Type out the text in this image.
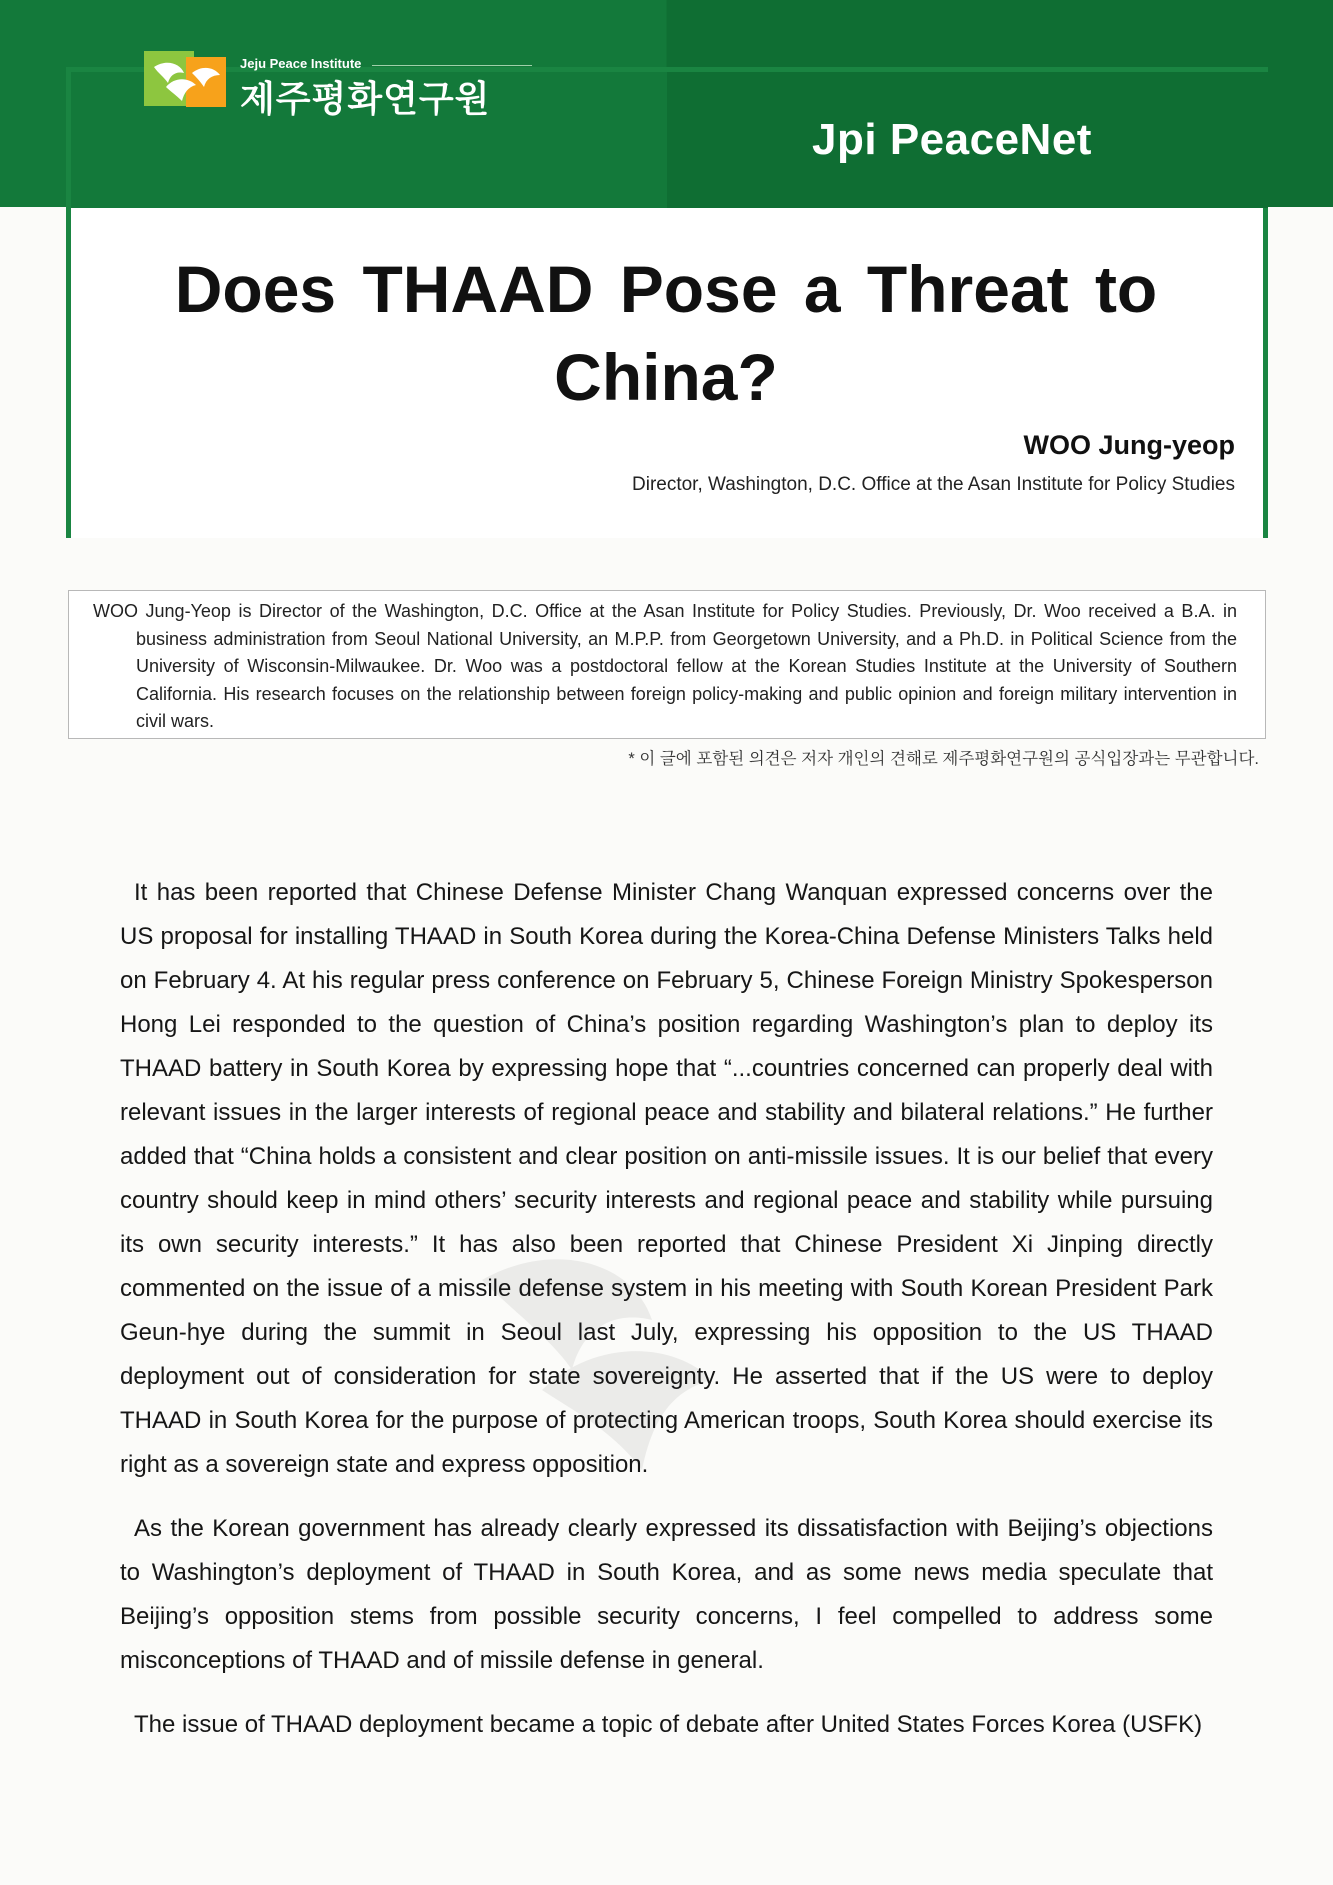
Jeju Peace Institute
제주평화연구원
Jpi PeaceNet
Does THAAD Pose a Threat to China?
WOO Jung-yeop
Director, Washington, D.C. Office at the Asan Institute for Policy Studies

WOO Jung-Yeop is Director of the Washington, D.C. Office at the Asan Institute for Policy Studies. Previously, Dr. Woo received a B.A. in business administration from Seoul National University, an M.P.P. from Georgetown University, and a Ph.D. in Political Science from the University of Wisconsin-Milwaukee. Dr. Woo was a postdoctoral fellow at the Korean Studies Institute at the University of Southern California. His research focuses on the relationship between foreign policy-making and public opinion and foreign military intervention in civil wars.

* 이 글에 포함된 의견은 저자 개인의 견해로 제주평화연구원의 공식입장과는 무관합니다.

It has been reported that Chinese Defense Minister Chang Wanquan expressed concerns over the US proposal for installing THAAD in South Korea during the Korea-China Defense Ministers Talks held on February 4. At his regular press conference on February 5, Chinese Foreign Ministry Spokesperson Hong Lei responded to the question of China’s position regarding Washington’s plan to deploy its THAAD battery in South Korea by expressing hope that “...countries concerned can properly deal with relevant issues in the larger interests of regional peace and stability and bilateral relations.” He further added that “China holds a consistent and clear position on anti-missile issues. It is our belief that every country should keep in mind others’ security interests and regional peace and stability while pursuing its own security interests.” It has also been reported that Chinese President Xi Jinping directly commented on the issue of a missile defense system in his meeting with South Korean President Park Geun-hye during the summit in Seoul last July, expressing his opposition to the US THAAD deployment out of consideration for state sovereignty. He asserted that if the US were to deploy THAAD in South Korea for the purpose of protecting American troops, South Korea should exercise its right as a sovereign state and express opposition.

As the Korean government has already clearly expressed its dissatisfaction with Beijing’s objections to Washington’s deployment of THAAD in South Korea, and as some news media speculate that Beijing’s opposition stems from possible security concerns, I feel compelled to address some misconceptions of THAAD and of missile defense in general.

The issue of THAAD deployment became a topic of debate after United States Forces Korea (USFK)
